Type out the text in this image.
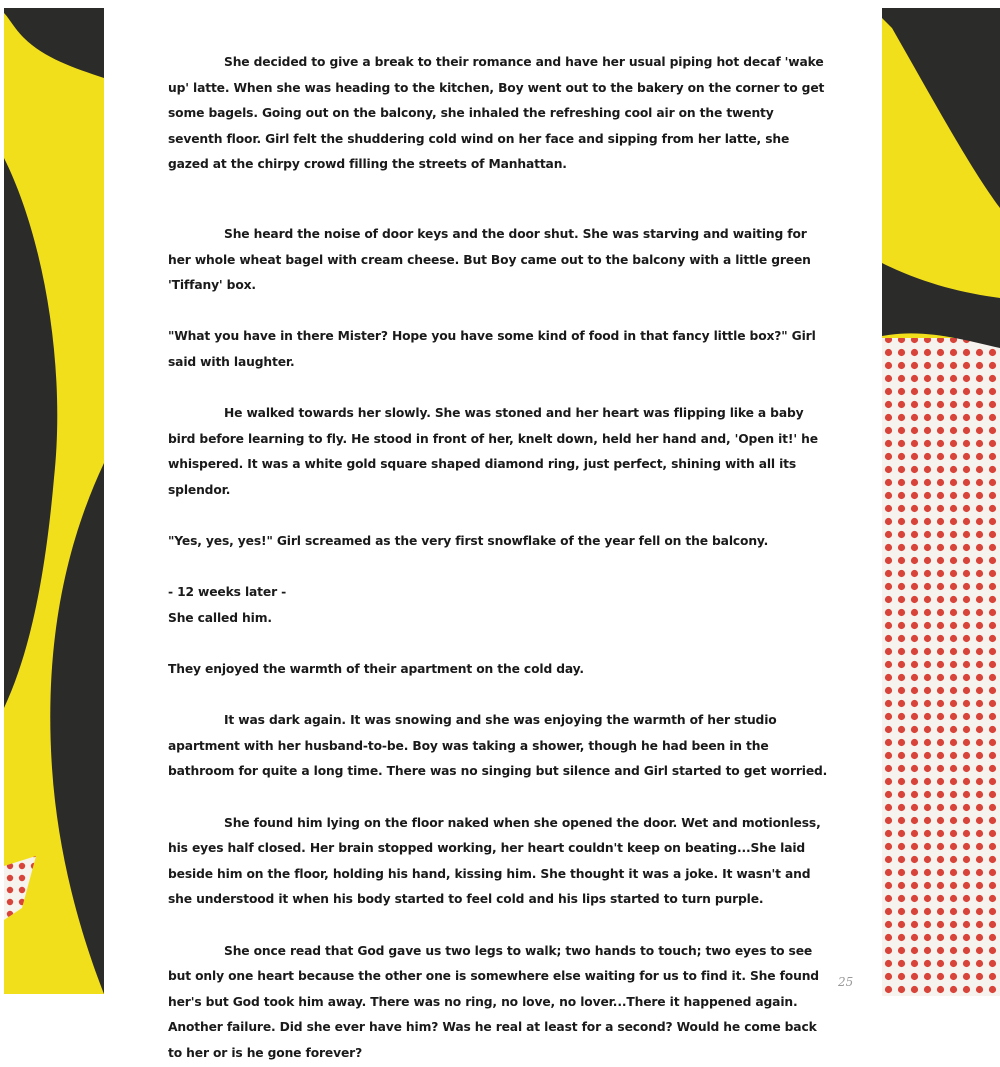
She decided to give a break to their romance and have her usual piping hot decaf 'wake up' latte. When she was heading to the kitchen, Boy went out to the bakery on the corner to get some bagels. Going out on the balcony, she inhaled the refreshing cool air on the twenty seventh floor. Girl felt the shuddering cold wind on her face and sipping from her latte, she gazed at the chirpy crowd filling the streets of Manhattan.

She heard the noise of door keys and the door shut. She was starving and waiting for her whole wheat bagel with cream cheese. But Boy came out to the balcony with a little green 'Tiffany' box.

"What you have in there Mister? Hope you have some kind of food in that fancy little box?" Girl said with laughter.

He walked towards her slowly. She was stoned and her heart was flipping like a baby bird before learning to fly. He stood in front of her, knelt down, held her hand and, 'Open it!' he whispered. It was a white gold square shaped diamond ring, just perfect, shining with all its splendor.

"Yes, yes, yes!" Girl screamed as the very first snowflake of the year fell on the balcony.

- 12 weeks later -

She called him.

They enjoyed the warmth of their apartment on the cold day.

It was dark again. It was snowing and she was enjoying the warmth of her studio apartment with her husband-to-be. Boy was taking a shower, though he had been in the bathroom for quite a long time. There was no singing but silence and Girl started to get worried.

She found him lying on the floor naked when she opened the door. Wet and motionless, his eyes half closed. Her brain stopped working, her heart couldn't keep on beating...She laid beside him on the floor, holding his hand, kissing him. She thought it was a joke. It wasn't and she understood it when his body started to feel cold and his lips started to turn purple.

She once read that God gave us two legs to walk; two hands to touch; two eyes to see but only one heart because the other one is somewhere else waiting for us to find it. She found her's but God took him away. There was no ring, no love, no lover...There it happened again. Another failure. Did she ever have him? Was he real at least for a second? Would he come back to her or is he gone forever?

25
